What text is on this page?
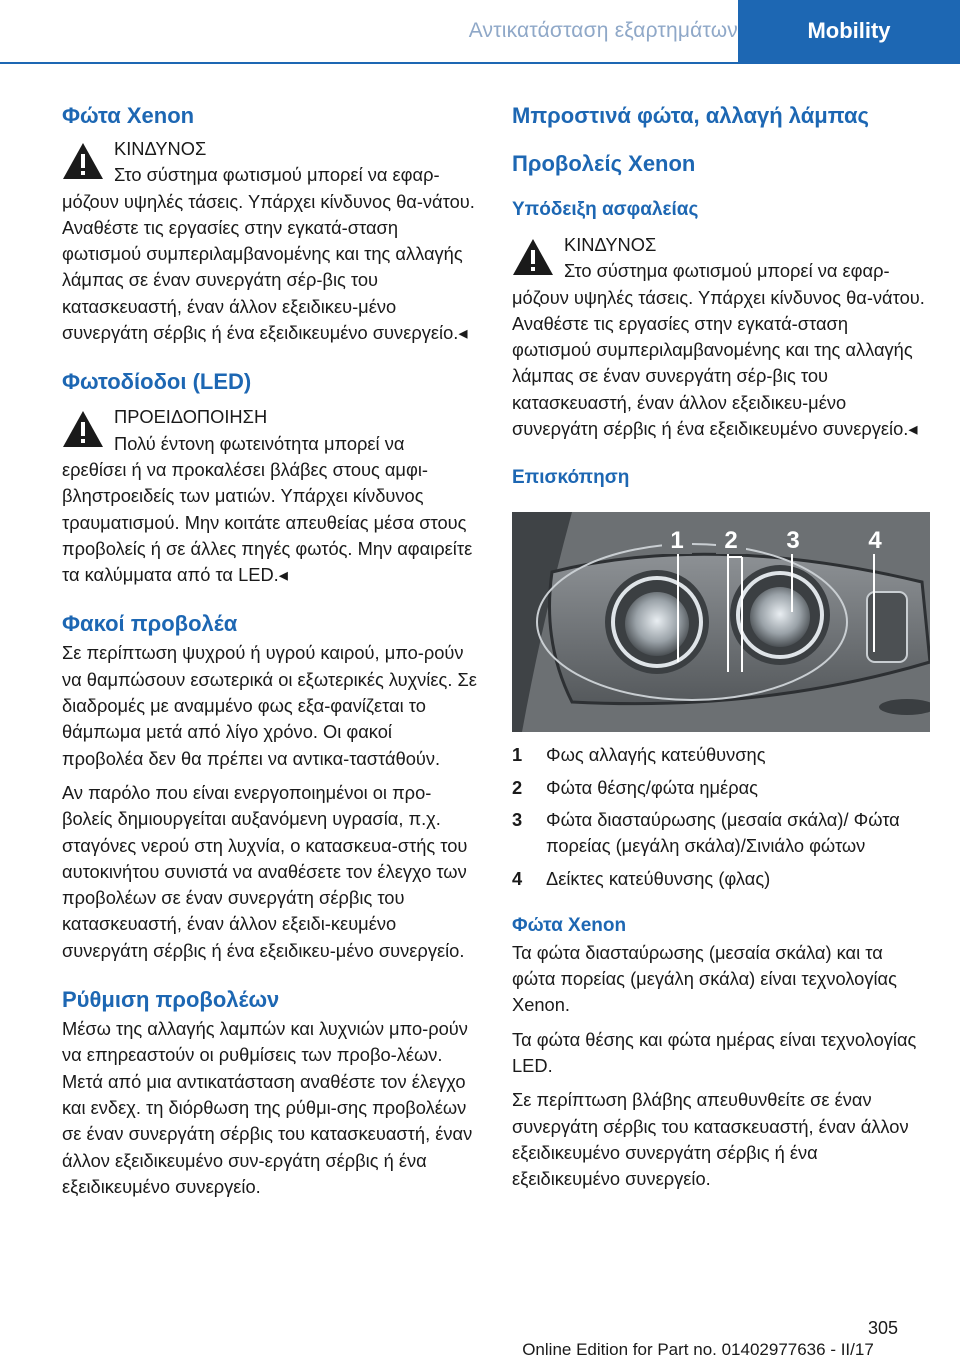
Αντικατάσταση εξαρτημάτων	Mobility
Φώτα Xenon

ΚΙΝΔΥΝΟΣ

Στο σύστημα φωτισμού μπορεί να εφαρ-

μόζουν υψηλές τάσεις. Υπάρχει κίνδυνος θα-νάτου. Αναθέστε τις εργασίες στην εγκατά-σταση φωτισμού συμπεριλαμβανομένης και της αλλαγής λάμπας σε έναν συνεργάτη σέρ-βις του κατασκευαστή, έναν άλλον εξειδικευ-μένο συνεργάτη σέρβις ή ένα εξειδικευμένο συνεργείο.◂

Φωτοδίοδοι (LED)

ΠΡΟΕΙΔΟΠΟΙΗΣΗ

Πολύ έντονη φωτεινότητα μπορεί να

ερεθίσει ή να προκαλέσει βλάβες στους αμφι-βληστροειδείς των ματιών. Υπάρχει κίνδυνος τραυματισμού. Μην κοιτάτε απευθείας μέσα στους προβολείς ή σε άλλες πηγές φωτός. Μην αφαιρείτε τα καλύμματα από τα LED.◂

Φακοί προβολέα

Σε περίπτωση ψυχρού ή υγρού καιρού, μπο-ρούν να θαμπώσουν εσωτερικά οι εξωτερικές λυχνίες. Σε διαδρομές με αναμμένο φως εξα-φανίζεται το θάμπωμα μετά από λίγο χρόνο. Οι φακοί προβολέα δεν θα πρέπει να αντικα-ταστάθούν.

Αν παρόλο που είναι ενεργοποιημένοι οι προ-βολείς δημιουργείται αυξανόμενη υγρασία, π.χ. σταγόνες νερού στη λυχνία, ο κατασκευα-στής του αυτοκινήτου συνιστά να αναθέσετε τον έλεγχο των προβολέων σε έναν συνεργάτη σέρβις του κατασκευαστή, έναν άλλον εξειδι-κευμένο συνεργάτη σέρβις ή ένα εξειδικευ-μένο συνεργείο.

Ρύθμιση προβολέων

Μέσω της αλλαγής λαμπών και λυχνιών μπο-ρούν να επηρεαστούν οι ρυθμίσεις των προβο-λέων. Μετά από μια αντικατάσταση αναθέστε τον έλεγχο και ενδεχ. τη διόρθωση της ρύθμι-σης προβολέων σε έναν συνεργάτη σέρβις του κατασκευαστή, έναν άλλον εξειδικευμένο συν-εργάτη σέρβις ή ένα εξειδικευμένο συνεργείο.

Μπροστινά φώτα, αλλαγή λάμπας
Προβολείς Xenon
Υπόδειξη ασφαλείας

ΚΙΝΔΥΝΟΣ

Στο σύστημα φωτισμού μπορεί να εφαρ-

μόζουν υψηλές τάσεις. Υπάρχει κίνδυνος θα-νάτου. Αναθέστε τις εργασίες στην εγκατά-σταση φωτισμού συμπεριλαμβανομένης και της αλλαγής λάμπας σε έναν συνεργάτη σέρ-βις του κατασκευαστή, έναν άλλον εξειδικευ-μένο συνεργάτη σέρβις ή ένα εξειδικευμένο συνεργείο.◂

Επισκόπηση
1 2 3	4
1	Φως αλλαγής κατεύθυνσης
2	Φώτα θέσης/φώτα ημέρας
3	Φώτα διασταύρωσης (μεσαία σκάλα)/ Φώτα πορείας (μεγάλη σκάλα)/Σινιάλο φώτων
4	Δείκτες κατεύθυνσης (φλας)
Φώτα Xenon

Τα φώτα διασταύρωσης (μεσαία σκάλα) και τα φώτα πορείας (μεγάλη σκάλα) είναι τεχνολογίας Xenon.

Τα φώτα θέσης και φώτα ημέρας είναι τεχνολογίας LED.

Σε περίπτωση βλάβης απευθυνθείτε σε έναν συνεργάτη σέρβις του κατασκευαστή, έναν άλλον εξειδικευμένο συνεργάτη σέρβις ή ένα εξειδικευμένο συνεργείο.

305
Online Edition for Part no. 01402977636 - II/17
